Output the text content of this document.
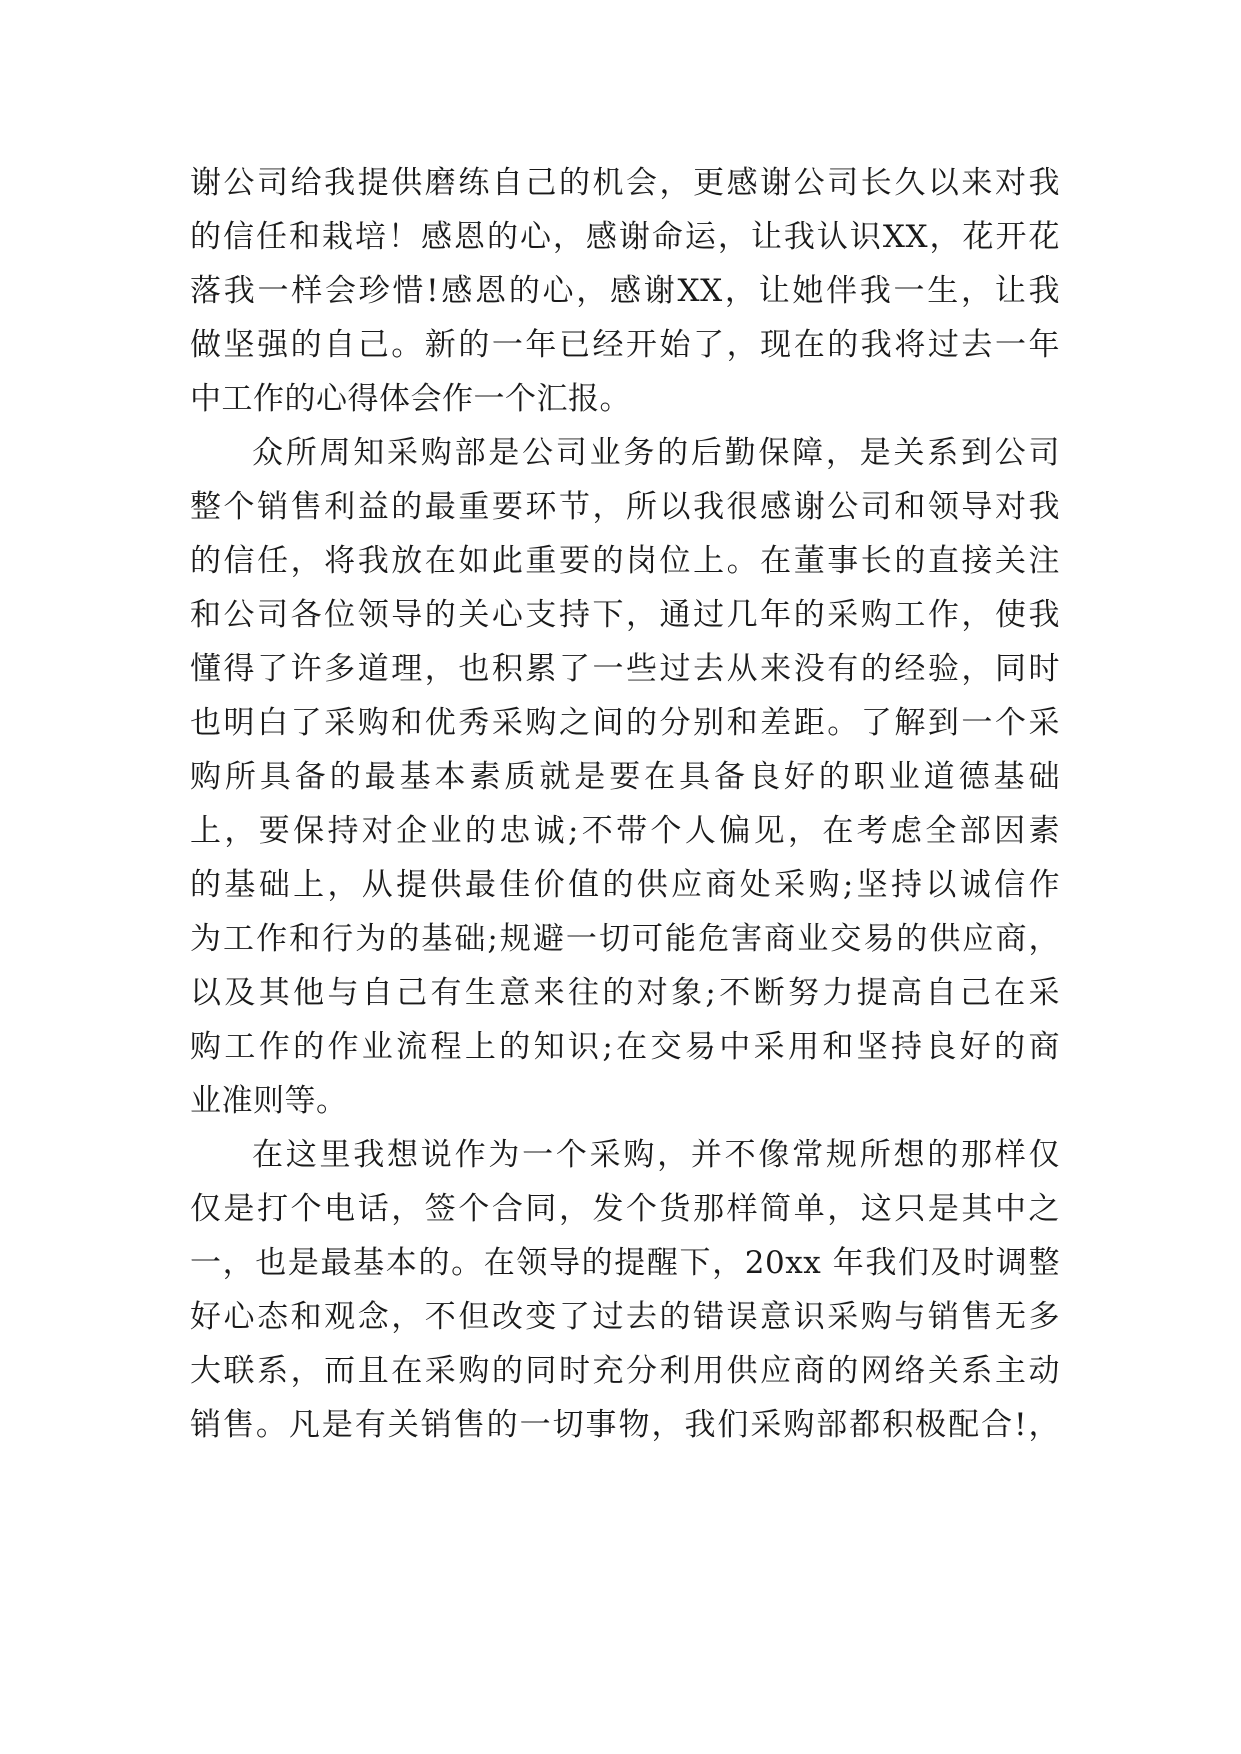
谢公司给我提供磨练自己的机会，更感谢公司长久以来对我
的信任和栽培！感恩的心，感谢命运，让我认识XX，花开花
落我一样会珍惜!感恩的心，感谢XX，让她伴我一生，让我
做坚强的自己。新的一年已经开始了，现在的我将过去一年
中工作的心得体会作一个汇报。
众所周知采购部是公司业务的后勤保障，是关系到公司
整个销售利益的最重要环节，所以我很感谢公司和领导对我
的信任，将我放在如此重要的岗位上。在董事长的直接关注
和公司各位领导的关心支持下，通过几年的采购工作，使我
懂得了许多道理，也积累了一些过去从来没有的经验，同时
也明白了采购和优秀采购之间的分别和差距。了解到一个采
购所具备的最基本素质就是要在具备良好的职业道德基础
上，要保持对企业的忠诚;不带个人偏见，在考虑全部因素
的基础上，从提供最佳价值的供应商处采购;坚持以诚信作
为工作和行为的基础;规避一切可能危害商业交易的供应商，
以及其他与自己有生意来往的对象;不断努力提高自己在采
购工作的作业流程上的知识;在交易中采用和坚持良好的商
业准则等。
在这里我想说作为一个采购，并不像常规所想的那样仅
仅是打个电话，签个合同，发个货那样简单，这只是其中之
一，也是最基本的。在领导的提醒下，20xx 年我们及时调整
好心态和观念，不但改变了过去的错误意识采购与销售无多
大联系，而且在采购的同时充分利用供应商的网络关系主动
销售。凡是有关销售的一切事物，我们采购部都积极配合!，
